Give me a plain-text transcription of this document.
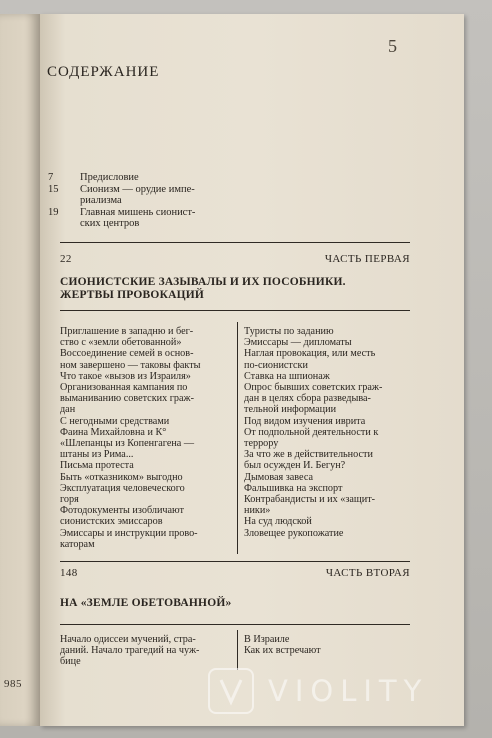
985
5
СОДЕРЖАНИЕ
7	Предисловие
15	Сионизм — орудие импе-
риализма
19	Главная мишень сионист-
ских центров
22	ЧАСТЬ ПЕРВАЯ
СИОНИСТСКИЕ ЗАЗЫВАЛЫ И ИХ ПОСОБНИКИ.
ЖЕРТВЫ ПРОВОКАЦИЙ
Приглашение в западню и бег-
ство с «земли обетованной»
Воссоединение семей в основ-
ном завершено — таковы факты
Что такое «вызов из Израиля»
Организованная кампания по
выманиванию советских граж-
дан
С негодными средствами
Фаина Михайловна и К°
«Шлепанцы из Копенгагена —
штаны из Рима...
Письма протеста
Быть «отказником» выгодно
Эксплуатация человеческого
горя
Фотодокументы изобличают
сионистских эмиссаров
Эмиссары и инструкции прово-
каторам
Туристы по заданию
Эмиссары — дипломаты
Наглая провокация, или месть
по-сионистски
Ставка на шпионаж
Опрос бывших советских граж-
дан в целях сбора разведыва-
тельной информации
Под видом изучения иврита
От подпольной деятельности к
террору
За что же в действительности
был осужден И. Бегун?
Дымовая завеса
Фальшивка на экспорт
Контрабандисты и их «защит-
ники»
На суд людской
Зловещее рукопожатие
148	ЧАСТЬ ВТОРАЯ
НА «ЗЕМЛЕ ОБЕТОВАННОЙ»
Начало одиссеи мучений, стра-
даний. Начало трагедий на чуж-
бице
В Израиле
Как их встречают
VIOLITY
